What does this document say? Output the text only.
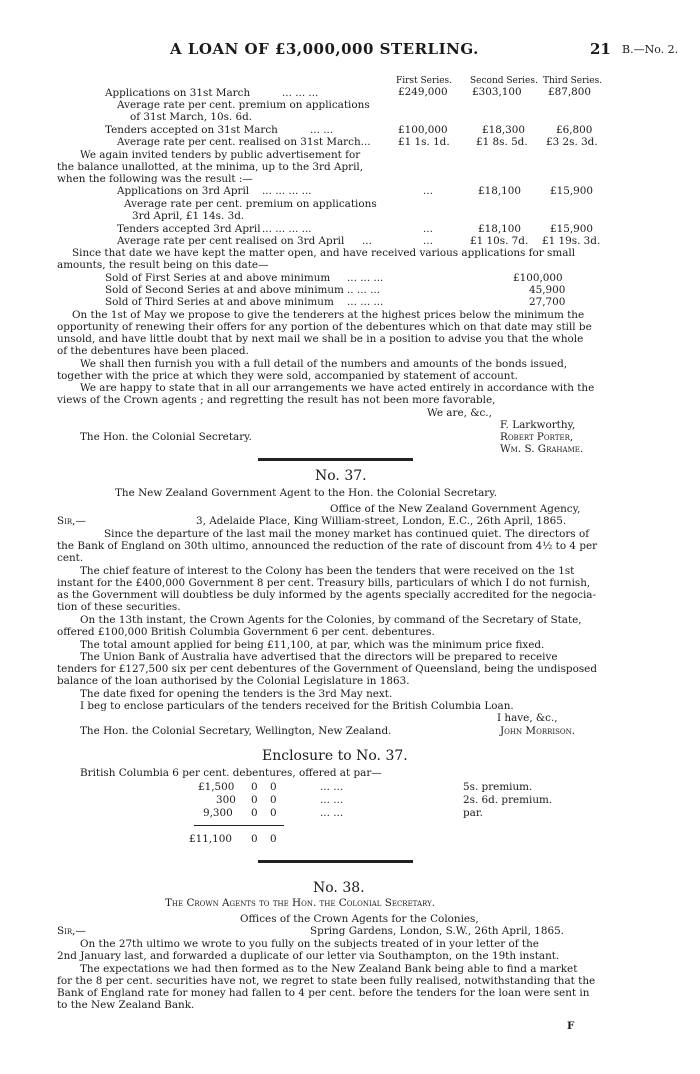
A LOAN OF £3,000,000 STERLING.	21 B.—No. 2.
First Series. Second Series. Third Series.
Applications on 31st March	... ... ...	£249,000 £303,100	£87,800
Average rate per cent. premium on applications
of 31st March, 10s. 6d.
Tenders accepted on 31st March	... ...	£100,000	£18,300	£6,800
Average rate per cent. realised on 31st March...	£1 1s. 1d.	£1 8s. 5d. £3 2s. 3d.
We again invited tenders by public advertisement for
the balance unallotted, at the minima, up to the 3rd April,
when the following was the result :—
Applications on 3rd April ... ... ... ...	...	£18,100	£15,900
Average rate per cent. premium on applications
3rd April, £1 14s. 3d.
Tenders accepted 3rd April ... ... ... ...	...	£18,100	£15,900
Average rate per cent realised on 3rd April ...	...	£1 10s. 7d. £1 19s. 3d.
Since that date we have kept the matter open, and have received various applications for small
amounts, the result being on this date—
Sold of First Series at and above minimum ... ... ...	£100,000
Sold of Second Series at and above minimum .. ... ...	45,900
Sold of Third Series at and above minimum ... ... ...	27,700
On the 1st of May we propose to give the tenderers at the highest prices below the minimum the
opportunity of renewing their offers for any portion of the debentures which on that date may still be
unsold, and have little doubt that by next mail we shall be in a position to advise you that the whole
of the debentures have been placed.
We shall then furnish you with a full detail of the numbers and amounts of the bonds issued,
together with the price at which they were sold, accompanied by statement of account.
We are happy to state that in all our arrangements we have acted entirely in accordance with the
views of the Crown agents ; and regretting the result has not been more favorable,
We are, &c.,
F. Larkworthy,
The Hon. the Colonial Secretary.	Robert Porter,
Wm. S. Grahame.
No. 37.
The New Zealand Government Agent to the Hon. the Colonial Secretary.
Office of the New Zealand Government Agency,
Sir,—	3, Adelaide Place, King William-street, London, E.C., 26th April, 1865.
Since the departure of the last mail the money market has continued quiet. The directors of
the Bank of England on 30th ultimo, announced the reduction of the rate of discount from 4½ to 4 per
cent.
The chief feature of interest to the Colony has been the tenders that were received on the 1st
instant for the £400,000 Government 8 per cent. Treasury bills, particulars of which I do not furnish,
as the Government will doubtless be duly informed by the agents specially accredited for the negocia-
tion of these securities.
On the 13th instant, the Crown Agents for the Colonies, by command of the Secretary of State,
offered £100,000 British Columbia Government 6 per cent. debentures.
The total amount applied for being £11,100, at par, which was the minimum price fixed.
The Union Bank of Australia have advertised that the directors will be prepared to receive
tenders for £127,500 six per cent debentures of the Government of Queensland, being the undisposed
balance of the loan authorised by the Colonial Legislature in 1863.
The date fixed for opening the tenders is the 3rd May next.
I beg to enclose particulars of the tenders received for the British Columbia Loan.
I have, &c.,
The Hon. the Colonial Secretary, Wellington, New Zealand.	John Morrison.
Enclosure to No. 37.
British Columbia 6 per cent. debentures, offered at par—
£1,500 0 0	... ...	5s. premium.
300 0 0	... ...	2s. 6d. premium.
9,300 0 0	... ...	par.
£11,100 0 0
No. 38.
The Crown Agents to the Hon. the Colonial Secretary.
Offices of the Crown Agents for the Colonies,
Sir,—	Spring Gardens, London, S.W., 26th April, 1865.
On the 27th ultimo we wrote to you fully on the subjects treated of in your letter of the
2nd January last, and forwarded a duplicate of our letter via Southampton, on the 19th instant.
The expectations we had then formed as to the New Zealand Bank being able to find a market
for the 8 per cent. securities have not, we regret to state been fully realised, notwithstanding that the
Bank of England rate for money had fallen to 4 per cent. before the tenders for the loan were sent in
to the New Zealand Bank.
F
